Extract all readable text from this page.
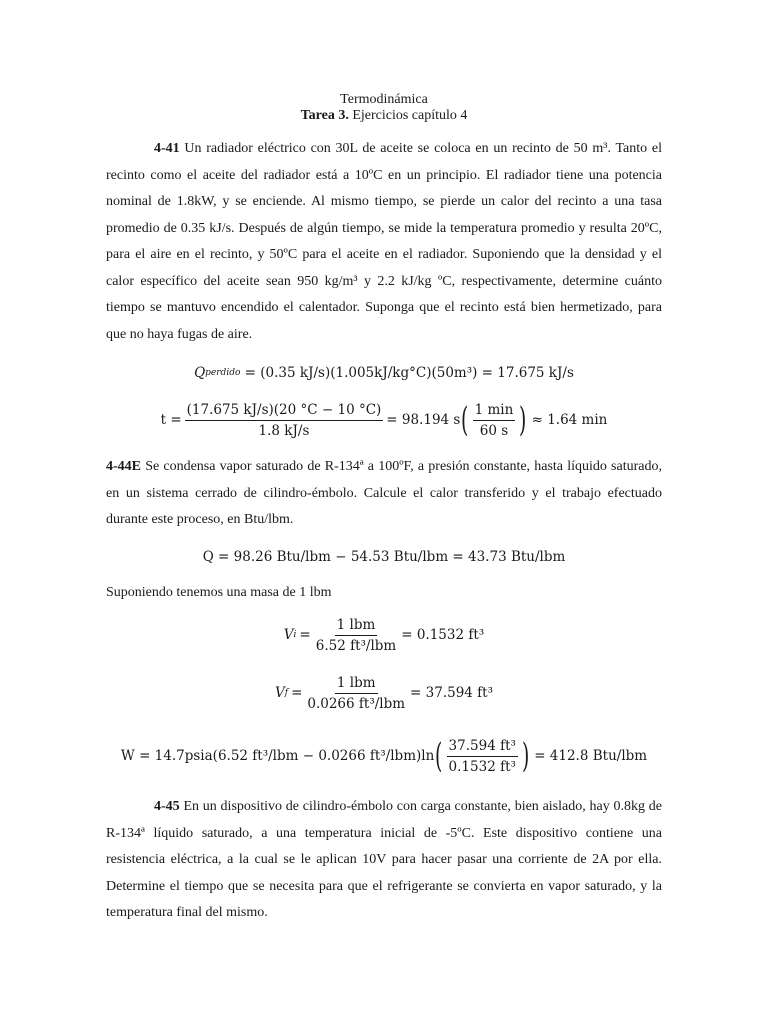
Termodinámica
Tarea 3. Ejercicios capítulo 4

4-41 Un radiador eléctrico con 30L de aceite se coloca en un recinto de 50 m³. Tanto el recinto como el aceite del radiador está a 10ºC en un principio. El radiador tiene una potencia nominal de 1.8kW, y se enciende. Al mismo tiempo, se pierde un calor del recinto a una tasa promedio de 0.35 kJ/s. Después de algún tiempo, se mide la temperatura promedio y resulta 20ºC, para el aire en el recinto, y 50ºC para el aceite en el radiador. Suponiendo que la densidad y el calor específico del aceite sean 950 kg/m³ y 2.2 kJ/kg ºC, respectivamente, determine cuánto tiempo se mantuvo encendido el calentador. Suponga que el recinto está bien hermetizado, para que no haya fugas de aire.

Q perdido = (0.35 kJ/s)(1.005kJ/kg°C)(50m³) = 17.675 kJ/s
$t = \frac{(17.675 kJ/s)(20 ^\circ C - 10 ^\circ C)}{1.8 kJ/s} = 98.194$ s ( $\frac{1 \min}{60 s}$ ) ≈ 1.64 min

4-44E Se condensa vapor saturado de R-134ª a 100ºF, a presión constante, hasta líquido saturado, en un sistema cerrado de cilindro-émbolo. Calcule el calor transferido y el trabajo efectuado durante este proceso, en Btu/lbm.

Q = 98.26 Btu/lbm − 54.53 Btu/lbm = 43.73 Btu/lbm

Suponiendo tenemos una masa de 1 lbm

V $i = \frac{\text{1 lbm}}{\text{6.52 ft³/lbm}} = 0.1532$ ft³
V $f = \frac{\text{1 lbm}}{\text{0.0266 ft³/lbm}} = 37.594$ ft³
W = 14.7psia(6.52 ft³/lbm − 0.0266 ft³/lbm)ln ( $\frac{\text{37.594 ft³}}{\text{0.1532 ft³}}$ ) = 412.8 Btu/lbm

4-45 En un dispositivo de cilindro-émbolo con carga constante, bien aislado, hay 0.8kg de R-134ª líquido saturado, a una temperatura inicial de -5ºC. Este dispositivo contiene una resistencia eléctrica, a la cual se le aplican 10V para hacer pasar una corriente de 2A por ella. Determine el tiempo que se necesita para que el refrigerante se convierta en vapor saturado, y la temperatura final del mismo.
